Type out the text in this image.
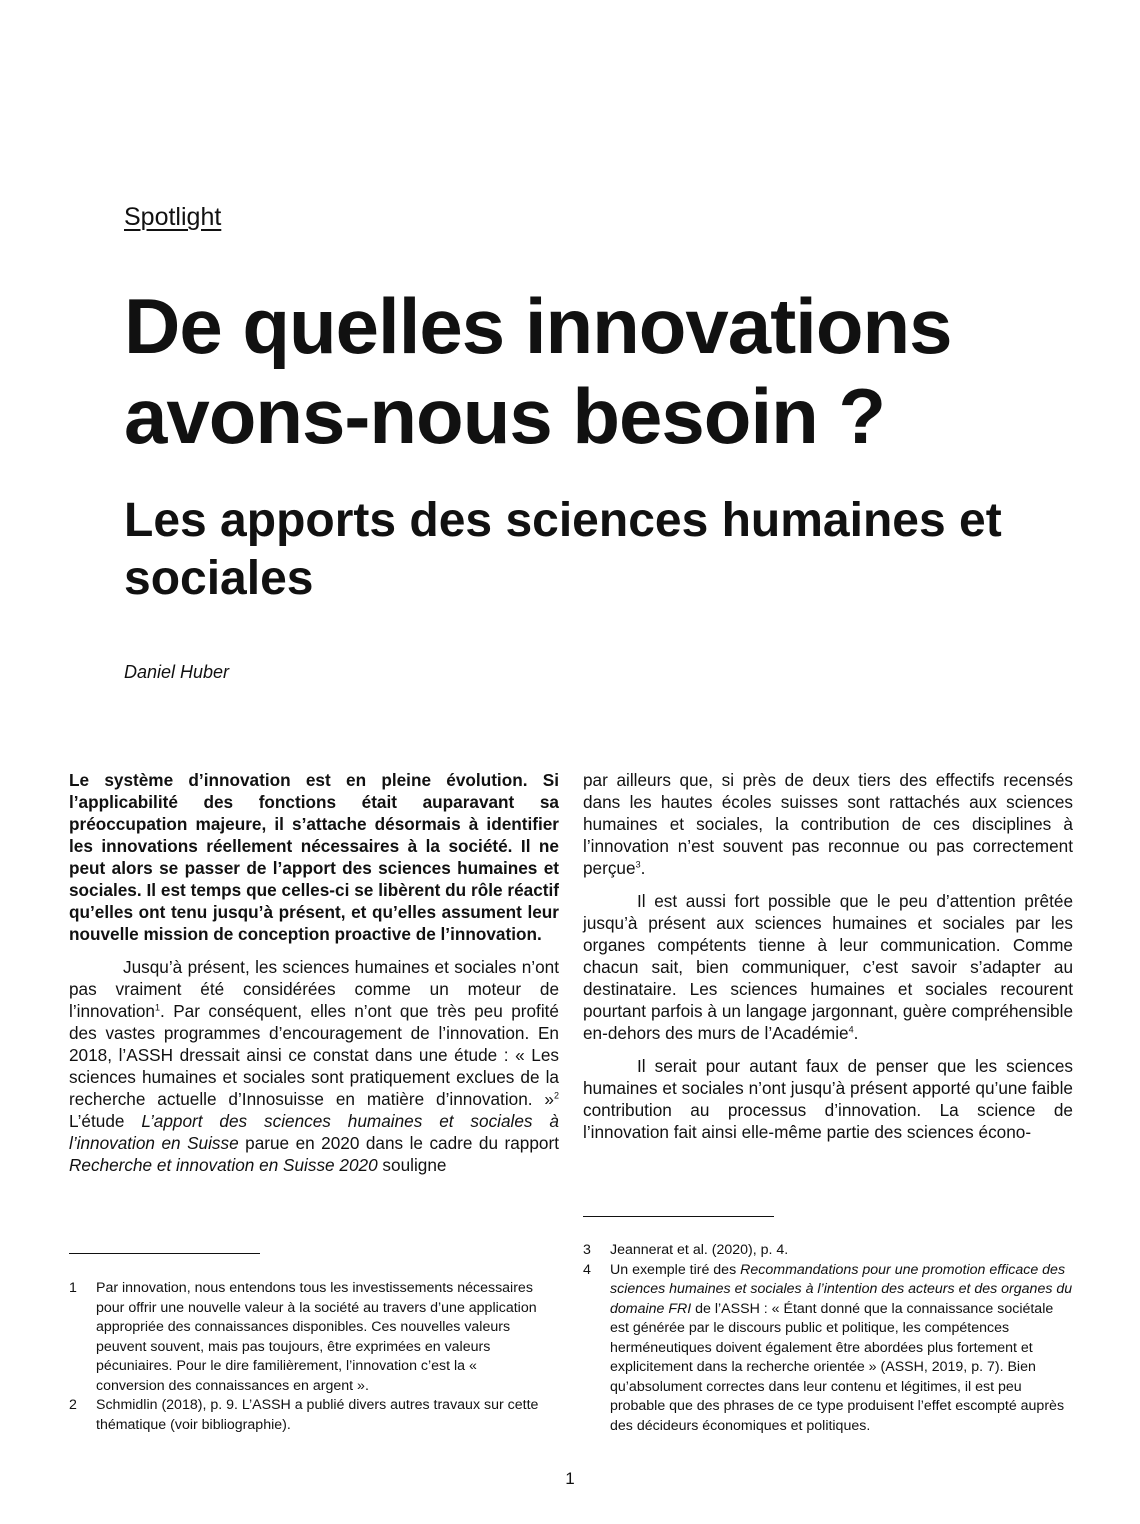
Spotlight
De quelles innovations avons-nous besoin ?
Les apports des sciences humaines et sociales
Daniel Huber

Le système d’innovation est en pleine évolution. Si l’applicabilité des fonctions était auparavant sa préoccupation majeure, il s’attache désormais à identifier les innovations réellement nécessaires à la société. Il ne peut alors se passer de l’apport des sciences humaines et sociales. Il est temps que celles-ci se libèrent du rôle réactif qu’elles ont tenu jusqu’à présent, et qu’elles assument leur nouvelle mission de conception proactive de l’innovation.

Jusqu’à présent, les sciences humaines et sociales n’ont pas vraiment été considérées comme un moteur de l’innovation$^1$. Par conséquent, elles n’ont que très peu profité des vastes programmes d’encouragement de l’innovation. En 2018, l’ASSH dressait ainsi ce constat dans une étude : « Les sciences humaines et sociales sont pratiquement exclues de la recherche actuelle d’Innosuisse en matière d’innovation. »$^2$ L’étude L’apport des sciences humaines et sociales à l’innovation en Suisse parue en 2020 dans le cadre du rapport Recherche et innovation en Suisse 2020 souligne

par ailleurs que, si près de deux tiers des effectifs recensés dans les hautes écoles suisses sont rattachés aux sciences humaines et sociales, la contribution de ces disciplines à l’innovation n’est souvent pas reconnue ou pas correctement perçue$^3$.

Il est aussi fort possible que le peu d’attention prêtée jusqu’à présent aux sciences humaines et sociales par les organes compétents tienne à leur communication. Comme chacun sait, bien communiquer, c’est savoir s’adapter au destinataire. Les sciences humaines et sociales recourent pourtant parfois à un langage jargonnant, guère compréhensible en-dehors des murs de l’Académie$^4$.

Il serait pour autant faux de penser que les sciences humaines et sociales n’ont jusqu’à présent apporté qu’une faible contribution au processus d’innovation. La science de l’innovation fait ainsi elle-même partie des sciences écono-

1	Par innovation, nous entendons tous les investissements nécessaires pour offrir une nouvelle valeur à la société au travers d’une application appropriée des connaissances disponibles. Ces nouvelles valeurs peuvent souvent, mais pas toujours, être exprimées en valeurs pécuniaires. Pour le dire familièrement, l’innovation c’est la « conversion des connaissances en argent ».
2	Schmidlin (2018), p. 9. L’ASSH a publié divers autres travaux sur cette thématique (voir bibliographie).
3	Jeannerat et al. (2020), p. 4.
4	Un exemple tiré des Recommandations pour une promotion efficace des sciences humaines et sociales à l’intention des acteurs et des organes du domaine FRI de l’ASSH : « Étant donné que la connaissance sociétale est générée par le discours public et politique, les compétences herméneutiques doivent également être abordées plus fortement et explicitement dans la recherche orientée » (ASSH, 2019, p. 7). Bien qu’absolument correctes dans leur contenu et légitimes, il est peu probable que des phrases de ce type produisent l’effet escompté auprès des décideurs économiques et politiques.
1
